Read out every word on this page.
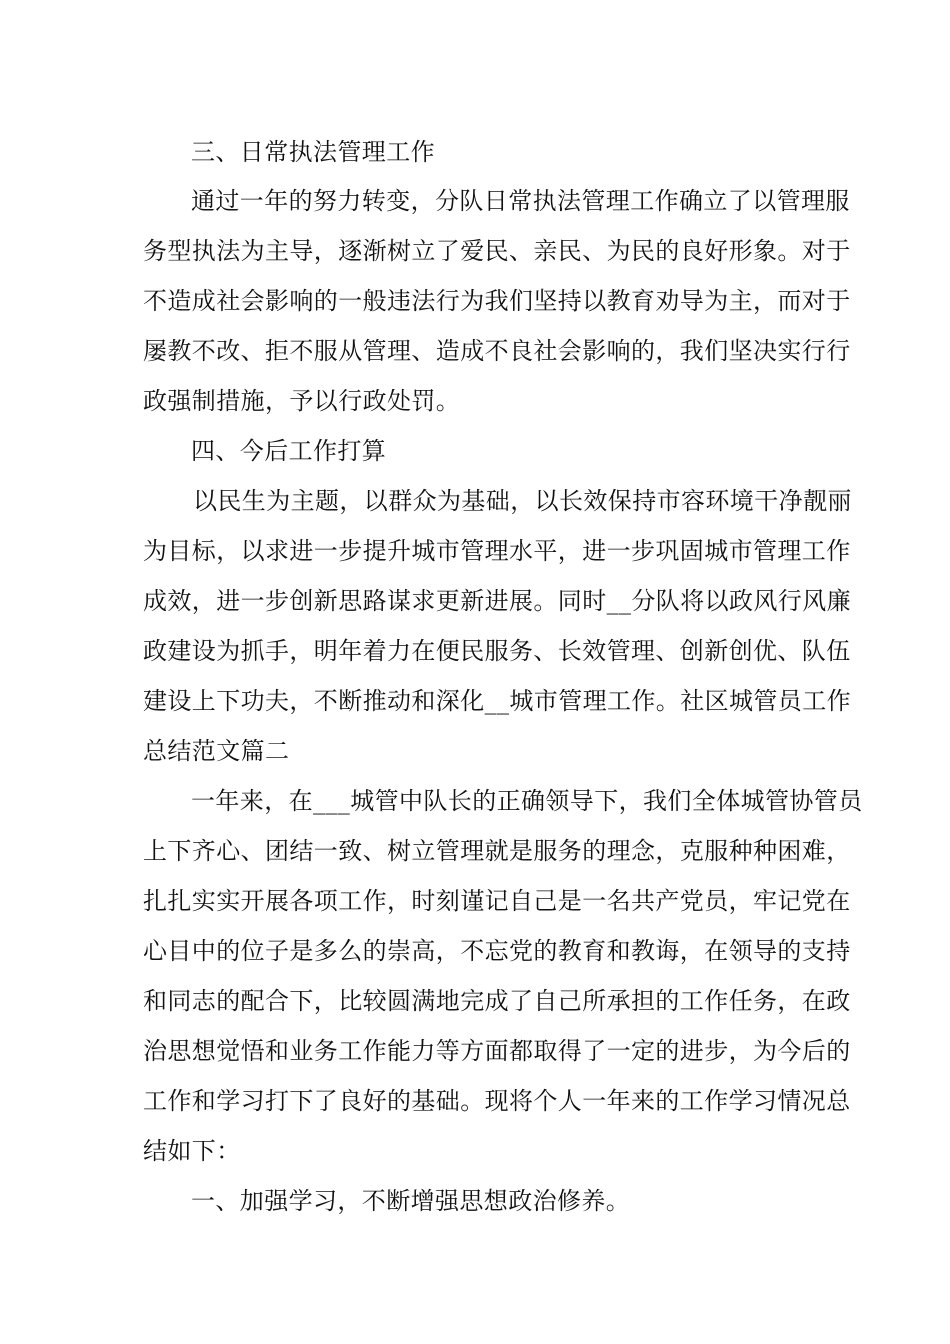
三、日常执法管理工作
通过一年的努力转变，分队日常执法管理工作确立了以管理服
务型执法为主导，逐渐树立了爱民、亲民、为民的良好形象。对于
不造成社会影响的一般违法行为我们坚持以教育劝导为主，而对于
屡教不改、拒不服从管理、造成不良社会影响的，我们坚决实行行
政强制措施，予以行政处罚。
四、今后工作打算
以民生为主题，以群众为基础，以长效保持市容环境干净靓丽
为目标，以求进一步提升城市管理水平，进一步巩固城市管理工作
成效，进一步创新思路谋求更新进展。同时__分队将以政风行风廉
政建设为抓手，明年着力在便民服务、长效管理、创新创优、队伍
建设上下功夫，不断推动和深化__城市管理工作。社区城管员工作
总结范文篇二
一年来，在___城管中队长的正确领导下，我们全体城管协管员
上下齐心、团结一致、树立管理就是服务的理念，克服种种困难，
扎扎实实开展各项工作，时刻谨记自己是一名共产党员，牢记党在
心目中的位子是多么的崇高，不忘党的教育和教诲，在领导的支持
和同志的配合下，比较圆满地完成了自己所承担的工作任务，在政
治思想觉悟和业务工作能力等方面都取得了一定的进步，为今后的
工作和学习打下了良好的基础。现将个人一年来的工作学习情况总
结如下：
一、加强学习，不断增强思想政治修养。
